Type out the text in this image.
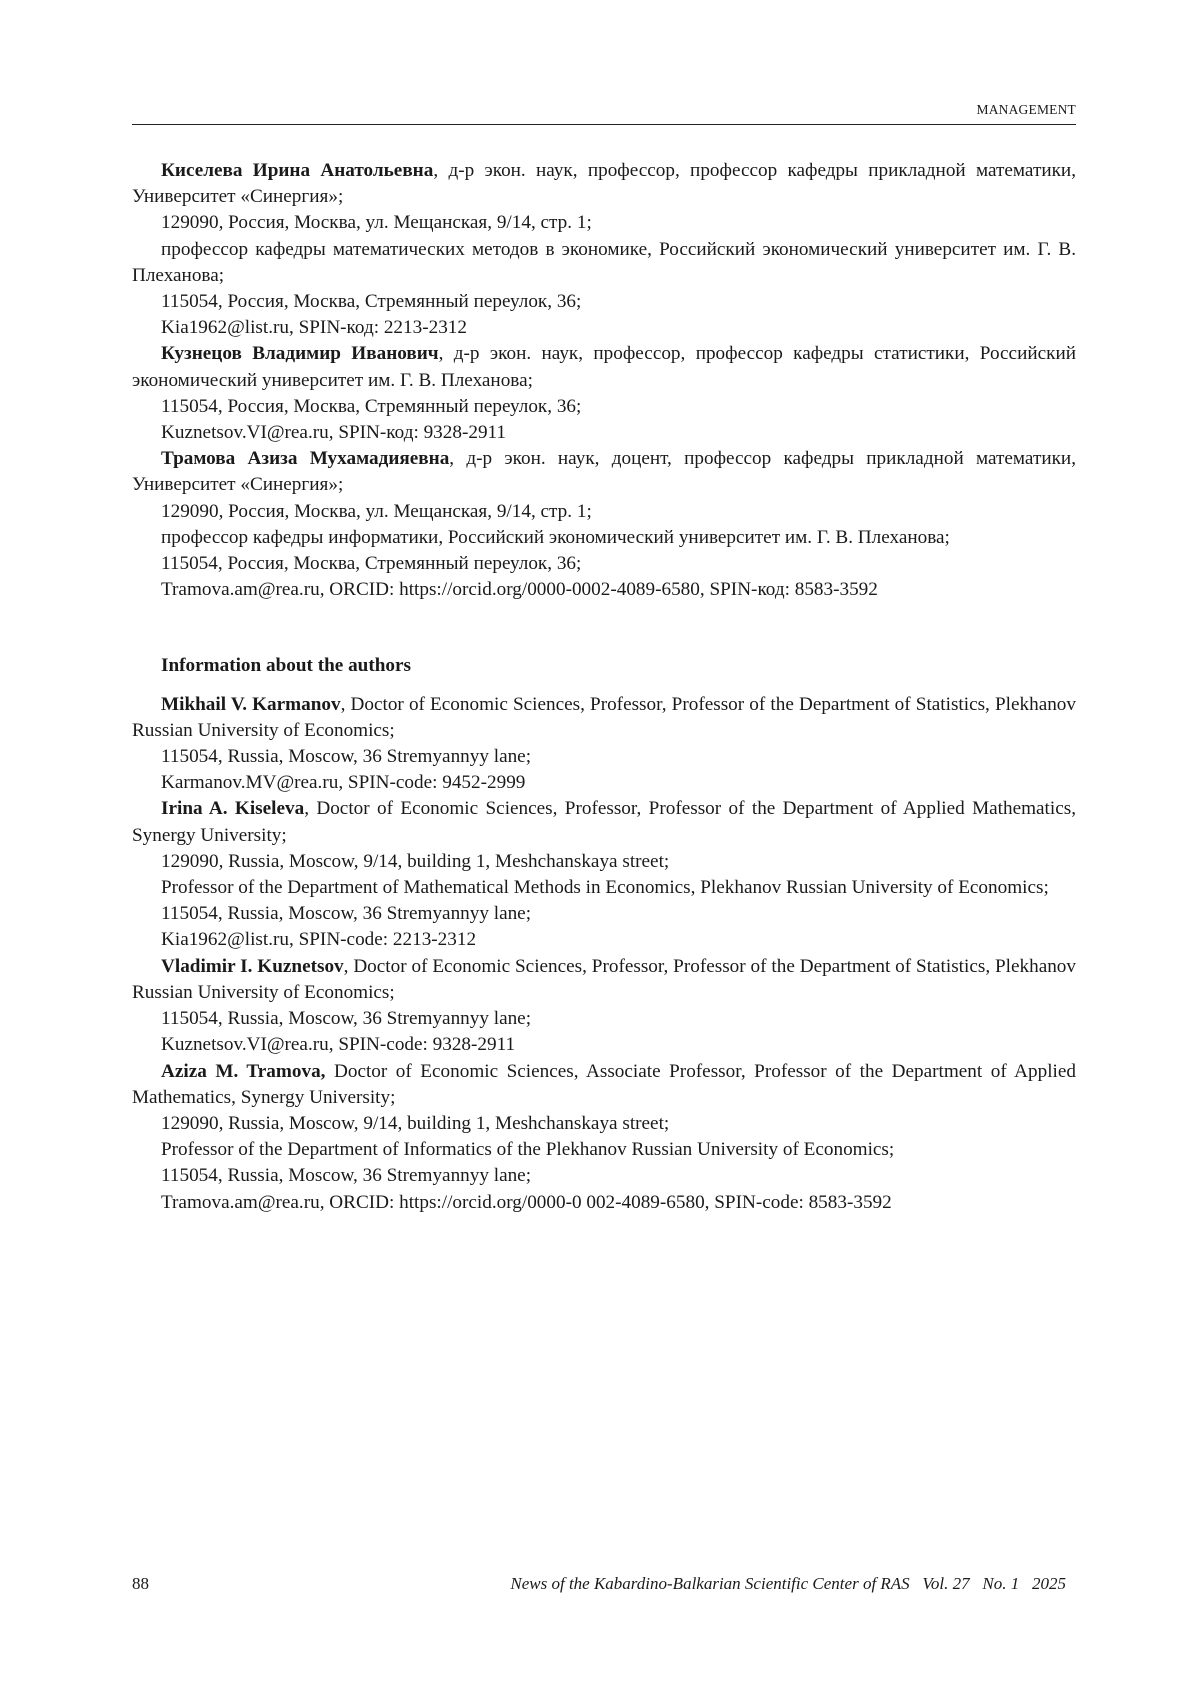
MANAGEMENT

Киселева Ирина Анатольевна, д-р экон. наук, профессор, профессор кафедры прикладной математики, Университет «Синергия»;

129090, Россия, Москва, ул. Мещанская, 9/14, стр. 1;

профессор кафедры математических методов в экономике, Российский экономический университет им. Г. В. Плеханова;

115054, Россия, Москва, Стремянный переулок, 36;

Kia1962@list.ru, SPIN-код: 2213-2312

Кузнецов Владимир Иванович, д-р экон. наук, профессор, профессор кафедры статистики, Российский экономический университет им. Г. В. Плеханова;

115054, Россия, Москва, Стремянный переулок, 36;

Kuznetsov.VI@rea.ru, SPIN-код: 9328-2911

Трамова Азиза Мухамадияевна, д-р экон. наук, доцент, профессор кафедры прикладной математики, Университет «Синергия»;

129090, Россия, Москва, ул. Мещанская, 9/14, стр. 1;

профессор кафедры информатики, Российский экономический университет им. Г. В. Плеханова;

115054, Россия, Москва, Стремянный переулок, 36;

Tramova.am@rea.ru, ORCID: https://orcid.org/0000-0002-4089-6580, SPIN-код: 8583-3592

Information about the authors

Mikhail V. Karmanov, Doctor of Economic Sciences, Professor, Professor of the Department of Statistics, Plekhanov Russian University of Economics;

115054, Russia, Moscow, 36 Stremyannyy lane;

Karmanov.MV@rea.ru, SPIN-code: 9452-2999

Irina A. Kiseleva, Doctor of Economic Sciences, Professor, Professor of the Department of Applied Mathematics, Synergy University;

129090, Russia, Moscow, 9/14, building 1, Meshchanskaya street;

Professor of the Department of Mathematical Methods in Economics, Plekhanov Russian University of Economics;

115054, Russia, Moscow, 36 Stremyannyy lane;

Kia1962@list.ru, SPIN-code: 2213-2312

Vladimir I. Kuznetsov, Doctor of Economic Sciences, Professor, Professor of the Department of Statistics, Plekhanov Russian University of Economics;

115054, Russia, Moscow, 36 Stremyannyy lane;

Kuznetsov.VI@rea.ru, SPIN-code: 9328-2911

Aziza M. Tramova, Doctor of Economic Sciences, Associate Professor, Professor of the Department of Applied Mathematics, Synergy University;

129090, Russia, Moscow, 9/14, building 1, Meshchanskaya street;

Professor of the Department of Informatics of the Plekhanov Russian University of Economics;

115054, Russia, Moscow, 36 Stremyannyy lane;

Tramova.am@rea.ru, ORCID: https://orcid.org/0000-0 002-4089-6580, SPIN-code: 8583-3592

88	News of the Kabardino-Balkarian Scientific Center of RAS   Vol. 27   No. 1   2025
